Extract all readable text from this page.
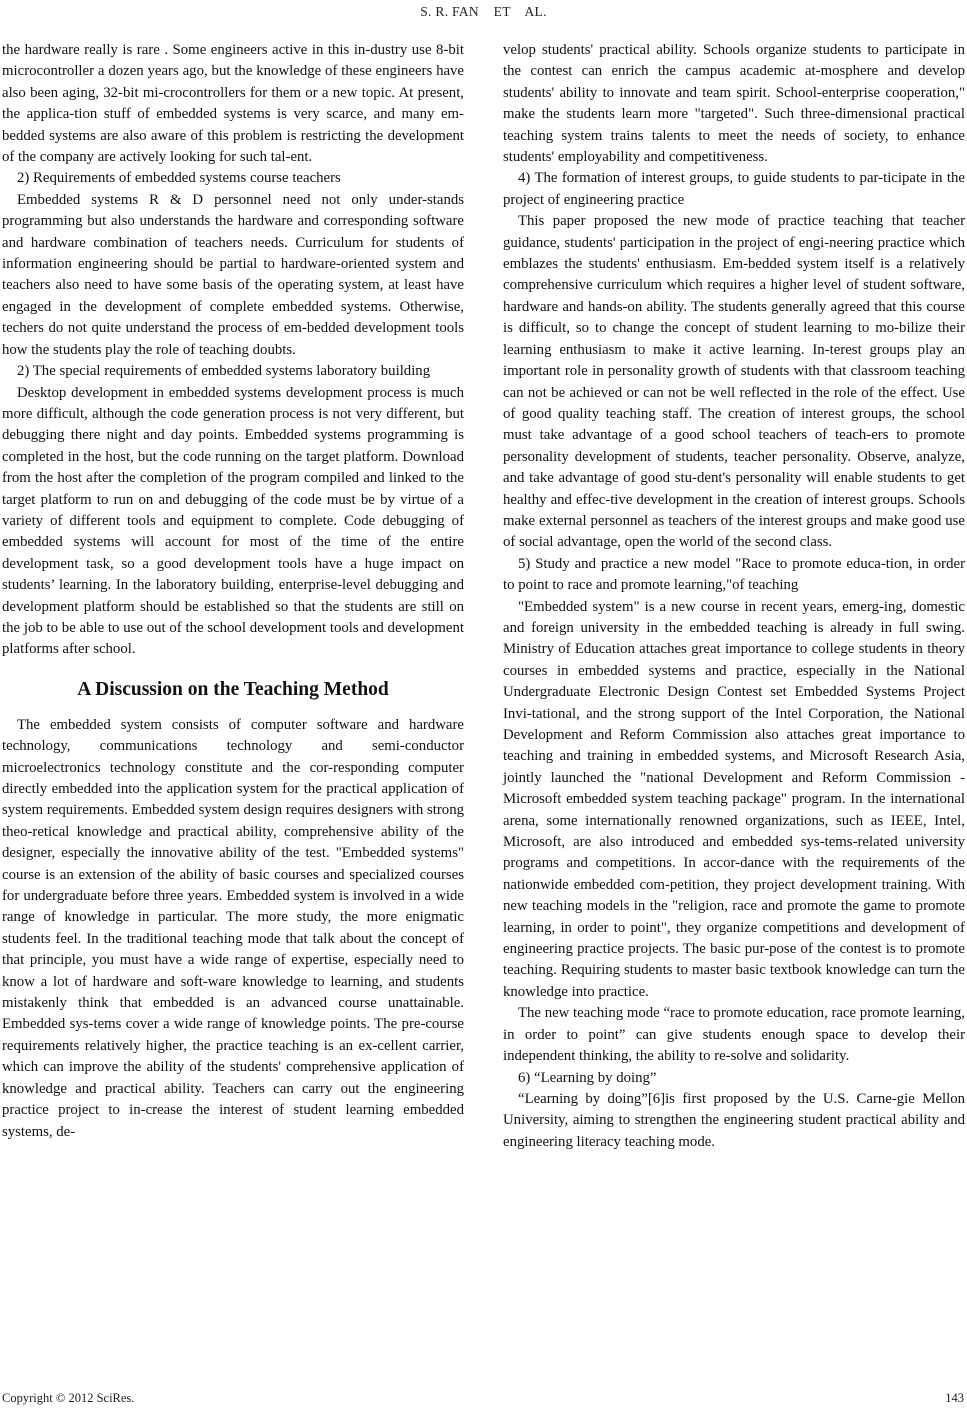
S. R. FAN    ET    AL.

the hardware really is rare . Some engineers active in this in-dustry use 8-bit microcontroller a dozen years ago, but the knowledge of these engineers have also been aging, 32-bit mi-crocontrollers for them or a new topic. At present, the applica-tion stuff of embedded systems is very scarce, and many em-bedded systems are also aware of this problem is restricting the development of the company are actively looking for such tal-ent.

2) Requirements of embedded systems course teachers

Embedded systems R & D personnel need not only under-stands programming but also understands the hardware and corresponding software and hardware combination of teachers needs. Curriculum for students of information engineering should be partial to hardware-oriented system and teachers also need to have some basis of the operating system, at least have engaged in the development of complete embedded systems. Otherwise, techers do not quite understand the process of em-bedded development tools how the students play the role of teaching doubts.

2) The special requirements of embedded systems laboratory building

Desktop development in embedded systems development process is much more difficult, although the code generation process is not very different, but debugging there night and day points. Embedded systems programming is completed in the host, but the code running on the target platform. Download from the host after the completion of the program compiled and linked to the target platform to run on and debugging of the code must be by virtue of a variety of different tools and equipment to complete. Code debugging of embedded systems will account for most of the time of the entire development task, so a good development tools have a huge impact on students’ learning. In the laboratory building, enterprise-level debugging and development platform should be established so that the students are still on the job to be able to use out of the school development tools and development platforms after school.

A Discussion on the Teaching Method

The embedded system consists of computer software and hardware technology, communications technology and semi-conductor microelectronics technology constitute and the cor-responding computer directly embedded into the application system for the practical application of system requirements. Embedded system design requires designers with strong theo-retical knowledge and practical ability, comprehensive ability of the designer, especially the innovative ability of the test. "Embedded systems" course is an extension of the ability of basic courses and specialized courses for undergraduate before three years. Embedded system is involved in a wide range of knowledge in particular. The more study, the more enigmatic students feel. In the traditional teaching mode that talk about the concept of that principle, you must have a wide range of expertise, especially need to know a lot of hardware and soft-ware knowledge to learning, and students mistakenly think that embedded is an advanced course unattainable. Embedded sys-tems cover a wide range of knowledge points. The pre-course requirements relatively higher, the practice teaching is an ex-cellent carrier, which can improve the ability of the students' comprehensive application of knowledge and practical ability. Teachers can carry out the engineering practice project to in-crease the interest of student learning embedded systems, de-

velop students' practical ability. Schools organize students to participate in the contest can enrich the campus academic at-mosphere and develop students' ability to innovate and team spirit. School-enterprise cooperation," make the students learn more "targeted". Such three-dimensional practical teaching system trains talents to meet the needs of society, to enhance students' employability and competitiveness.

4) The formation of interest groups, to guide students to par-ticipate in the project of engineering practice

This paper proposed the new mode of practice teaching that teacher guidance, students' participation in the project of engi-neering practice which emblazes the students' enthusiasm. Em-bedded system itself is a relatively comprehensive curriculum which requires a higher level of student software, hardware and hands-on ability. The students generally agreed that this course is difficult, so to change the concept of student learning to mo-bilize their learning enthusiasm to make it active learning. In-terest groups play an important role in personality growth of students with that classroom teaching can not be achieved or can not be well reflected in the role of the effect. Use of good quality teaching staff. The creation of interest groups, the school must take advantage of a good school teachers of teach-ers to promote personality development of students, teacher personality. Observe, analyze, and take advantage of good stu-dent's personality will enable students to get healthy and effec-tive development in the creation of interest groups. Schools make external personnel as teachers of the interest groups and make good use of social advantage, open the world of the second class.

5) Study and practice a new model "Race to promote educa-tion, in order to point to race and promote learning,"of teaching

"Embedded system" is a new course in recent years, emerg-ing, domestic and foreign university in the embedded teaching is already in full swing. Ministry of Education attaches great importance to college students in theory courses in embedded systems and practice, especially in the National Undergraduate Electronic Design Contest set Embedded Systems Project Invi-tational, and the strong support of the Intel Corporation, the National Development and Reform Commission also attaches great importance to teaching and training in embedded systems, and Microsoft Research Asia, jointly launched the "national Development and Reform Commission - Microsoft embedded system teaching package" program. In the international arena, some internationally renowned organizations, such as IEEE, Intel, Microsoft, are also introduced and embedded sys-tems-related university programs and competitions. In accor-dance with the requirements of the nationwide embedded com-petition, they project development training. With new teaching models in the "religion, race and promote the game to promote learning, in order to point", they organize competitions and development of engineering practice projects. The basic pur-pose of the contest is to promote teaching. Requiring students to master basic textbook knowledge can turn the knowledge into practice.

The new teaching mode “race to promote education, race promote learning, in order to point” can give students enough space to develop their independent thinking, the ability to re-solve and solidarity.

6) “Learning by doing”

“Learning by doing”[6]is first proposed by the U.S. Carne-gie Mellon University, aiming to strengthen the engineering student practical ability and engineering literacy teaching mode.

Copyright © 2012 SciRes.	143
